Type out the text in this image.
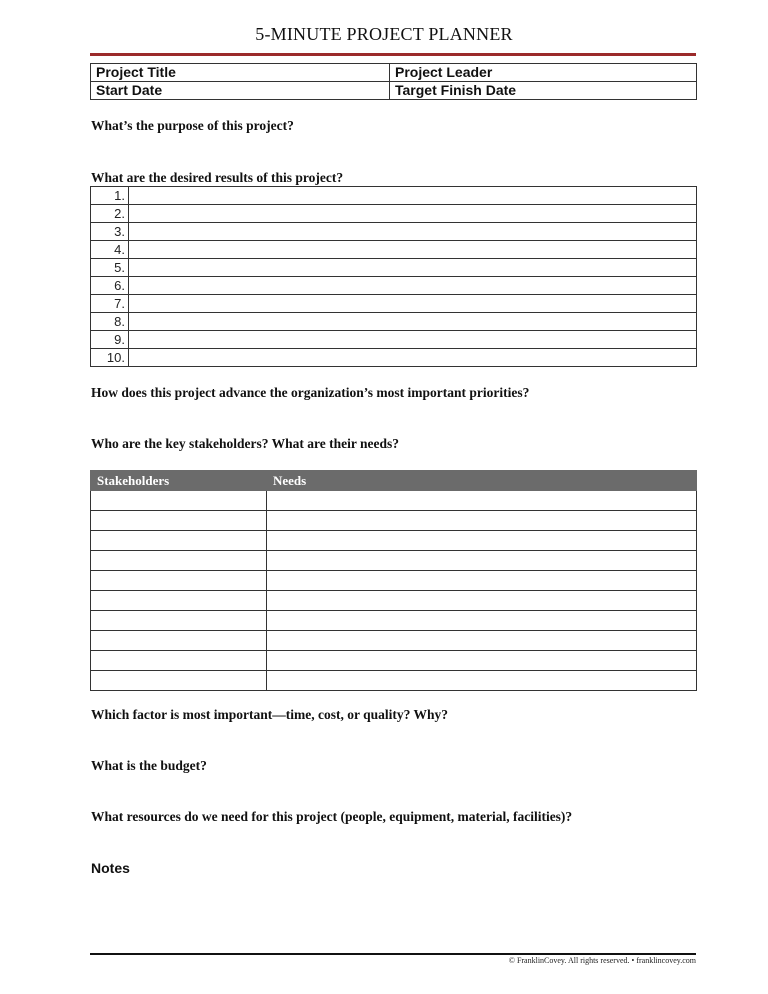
5-MINUTE PROJECT PLANNER
Project Title	Project Leader
Start Date	Target Finish Date
What’s the purpose of this project?
What are the desired results of this project?
1.	
2.	
3.	
4.	
5.	
6.	
7.	
8.	
9.	
10.	
How does this project advance the organization’s most important priorities?
Who are the key stakeholders? What are their needs?
Stakeholders	Needs

Which factor is most important—time, cost, or quality? Why?
What is the budget?
What resources do we need for this project (people, equipment, material, facilities)?
Notes
© FranklinCovey. All rights reserved. • franklincovey.com
